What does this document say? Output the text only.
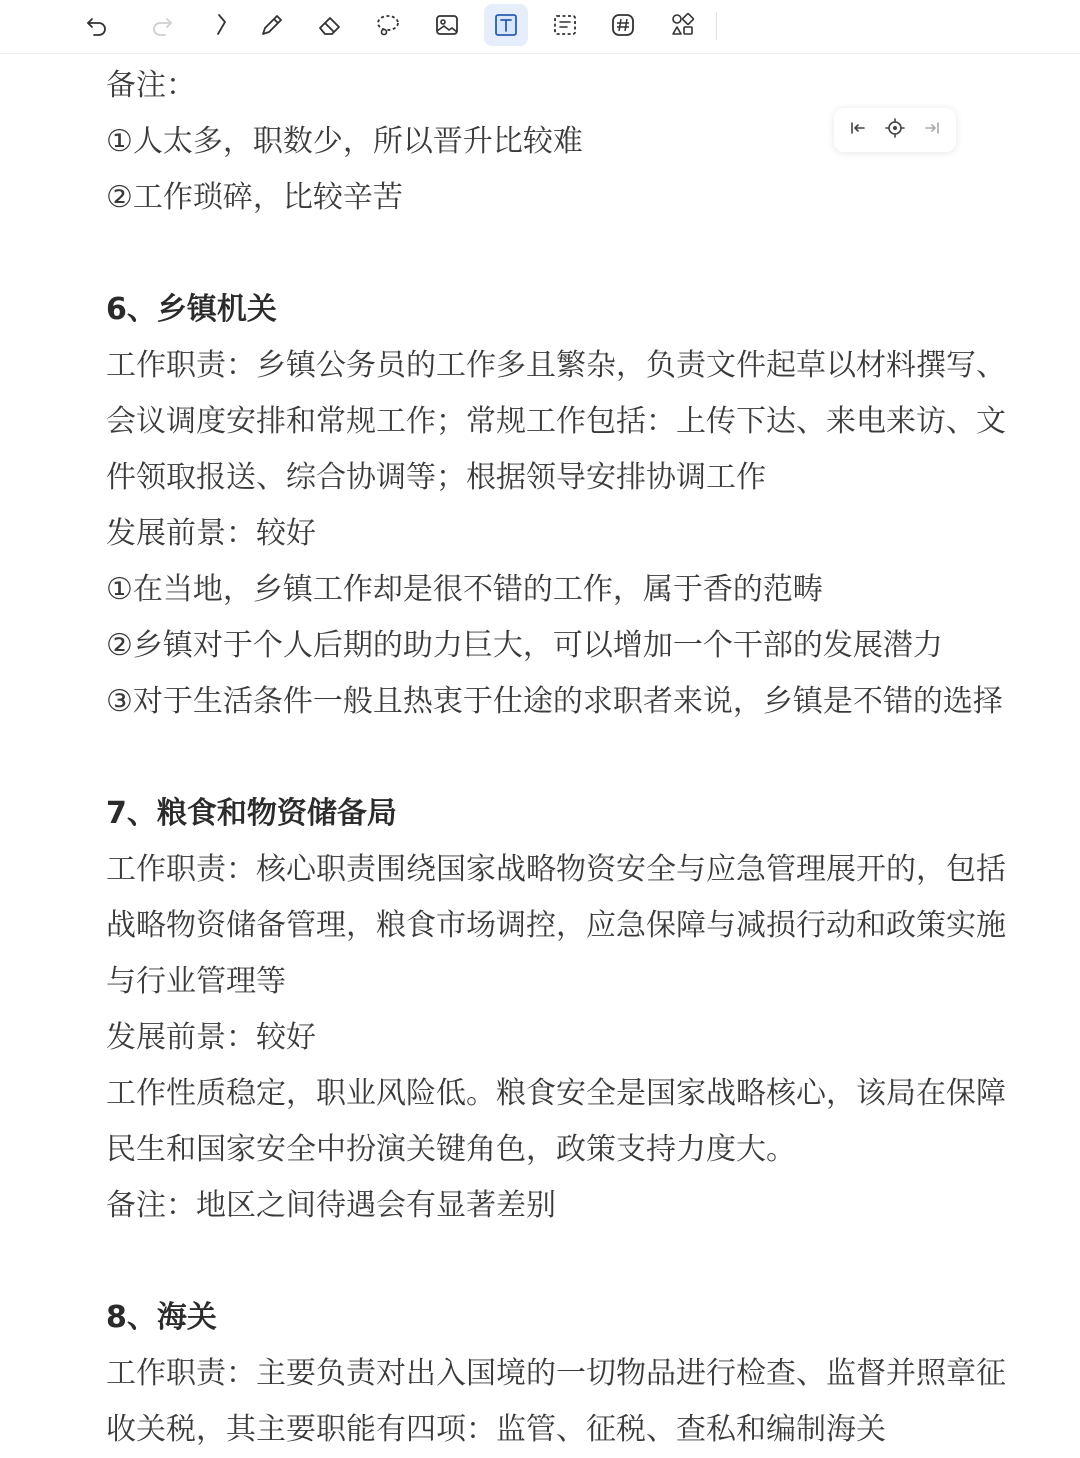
备注：

①人太多，职数少，所以晋升比较难

②工作琐碎，比较辛苦

6、乡镇机关

工作职责：乡镇公务员的工作多且繁杂，负责文件起草以材料撰写、会议调度安排和常规工作；常规工作包括：上传下达、来电来访、文件领取报送、综合协调等；根据领导安排协调工作

发展前景：较好

①在当地，乡镇工作却是很不错的工作，属于香的范畴

②乡镇对于个人后期的助力巨大，可以增加一个干部的发展潜力

③对于生活条件一般且热衷于仕途的求职者来说，乡镇是不错的选择

7、粮食和物资储备局

工作职责：核心职责围绕国家战略物资安全与应急管理展开的，包括战略物资储备管理，粮食市场调控，应急保障与减损行动和政策实施与行业管理等

发展前景：较好

工作性质稳定，职业风险低。粮食安全是国家战略核心，该局在保障民生和国家安全中扮演关键角色，政策支持力度大。

备注：地区之间待遇会有显著差别

8、海关

工作职责：主要负责对出入国境的一切物品进行检查、监督并照章征收关税，其主要职能有四项：监管、征税、查私和编制海关
